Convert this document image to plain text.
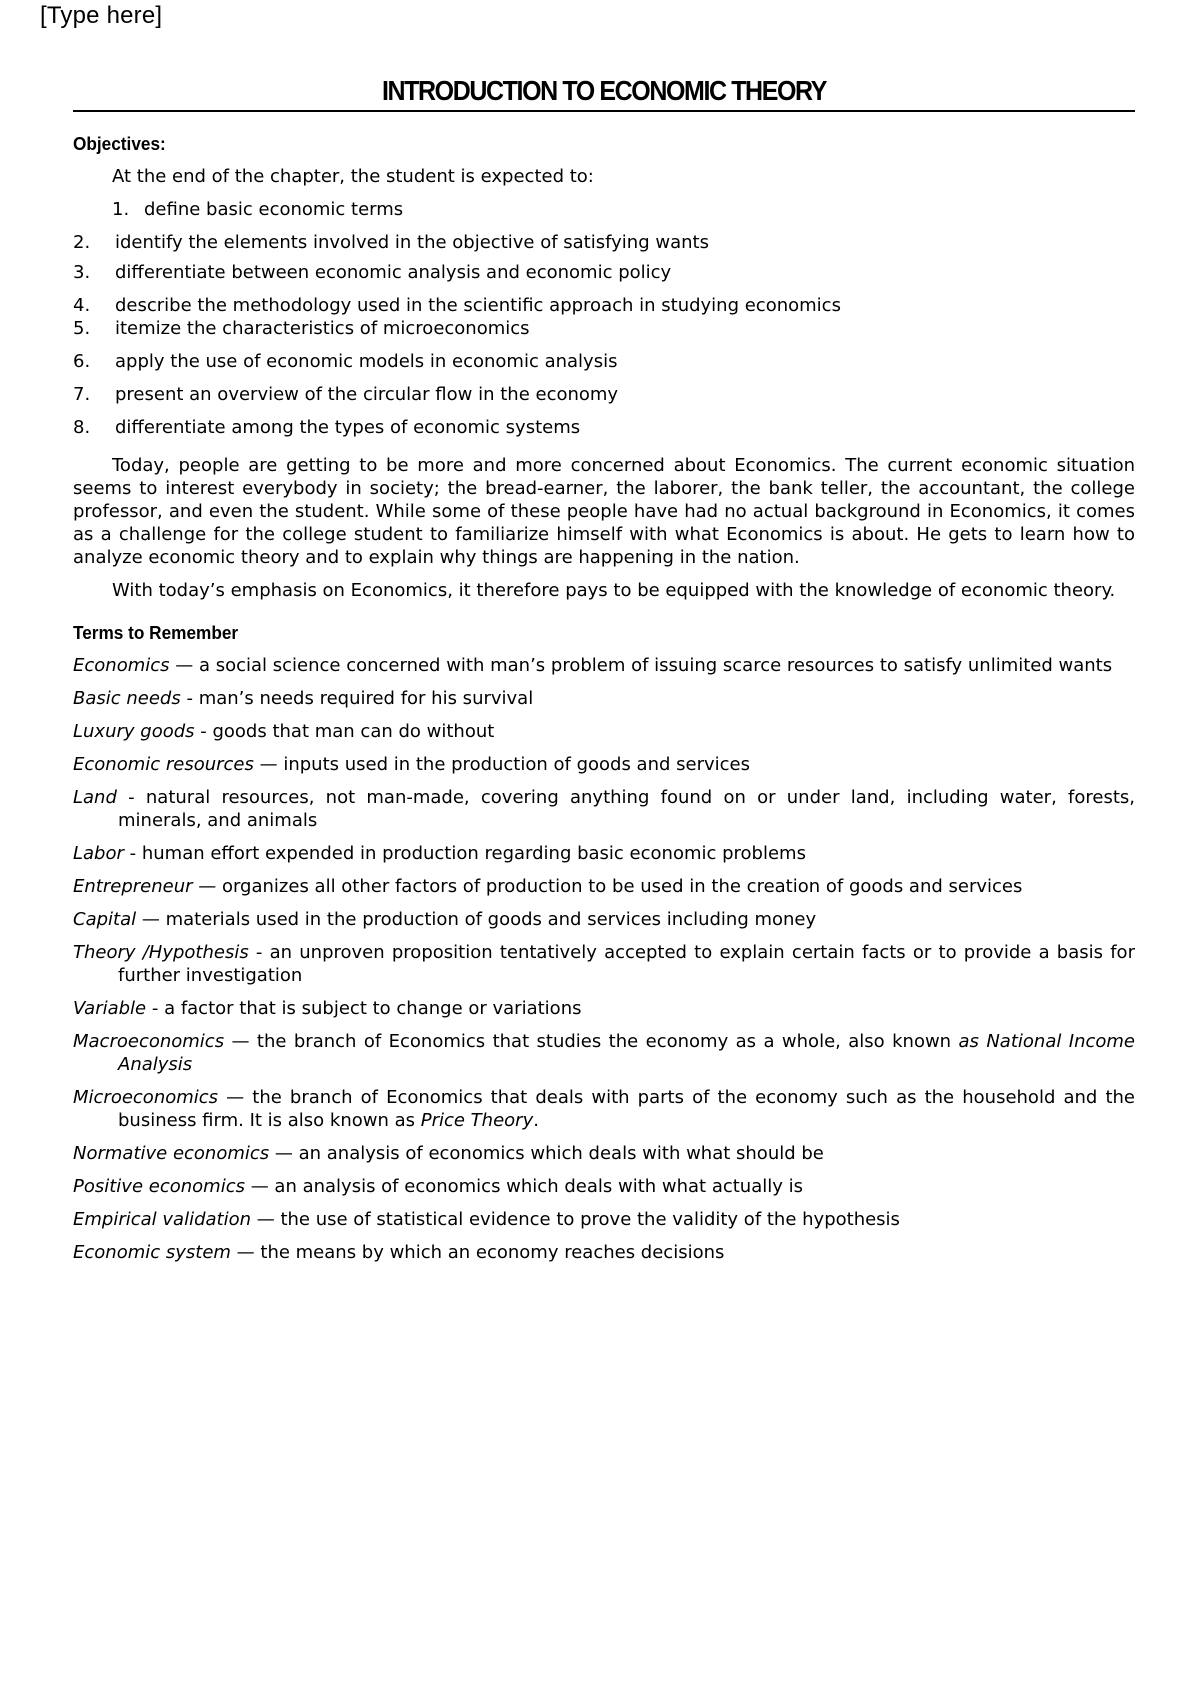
[Type here]
INTRODUCTION TO ECONOMIC THEORY

Objectives:

At the end of the chapter, the student is expected to:
1. define basic economic terms
2.	identify the elements involved in the objective of satisfying wants
3.	differentiate between economic analysis and economic policy
4.	describe the methodology used in the scientific approach in studying economics
5.	itemize the characteristics of microeconomics
6.	apply the use of economic models in economic analysis
7.	present an overview of the circular flow in the economy
8.	differentiate among the types of economic systems

Today, people are getting to be more and more concerned about Economics. The current economic situation seems to interest everybody in society; the bread-earner, the laborer, the bank teller, the accountant, the college professor, and even the student. While some of these people have had no actual background in Economics, it comes as a challenge for the college student to familiarize himself with what Economics is about. He gets to learn how to analyze economic theory and to explain why things are happening in the nation.

With today’s emphasis on Economics, it therefore pays to be equipped with the knowledge of economic theory.

Terms to Remember

Economics — a social science concerned with man’s problem of issuing scarce resources to satisfy unlimited wants

Basic needs - man’s needs required for his survival

Luxury goods - goods that man can do without

Economic resources — inputs used in the production of goods and services

Land - natural resources, not man-made, covering anything found on or under land, including water, forests, minerals, and animals

Labor - human effort expended in production regarding basic economic problems

Entrepreneur — organizes all other factors of production to be used in the creation of goods and services

Capital — materials used in the production of goods and services including money

Theory /Hypothesis - an unproven proposition tentatively accepted to explain certain facts or to provide a basis for further investigation

Variable - a factor that is subject to change or variations

Macroeconomics — the branch of Economics that studies the economy as a whole, also known as National Income Analysis

Microeconomics — the branch of Economics that deals with parts of the economy such as the household and the business firm. It is also known as Price Theory.

Normative economics — an analysis of economics which deals with what should be

Positive economics — an analysis of economics which deals with what actually is

Empirical validation — the use of statistical evidence to prove the validity of the hypothesis

Economic system — the means by which an economy reaches decisions
